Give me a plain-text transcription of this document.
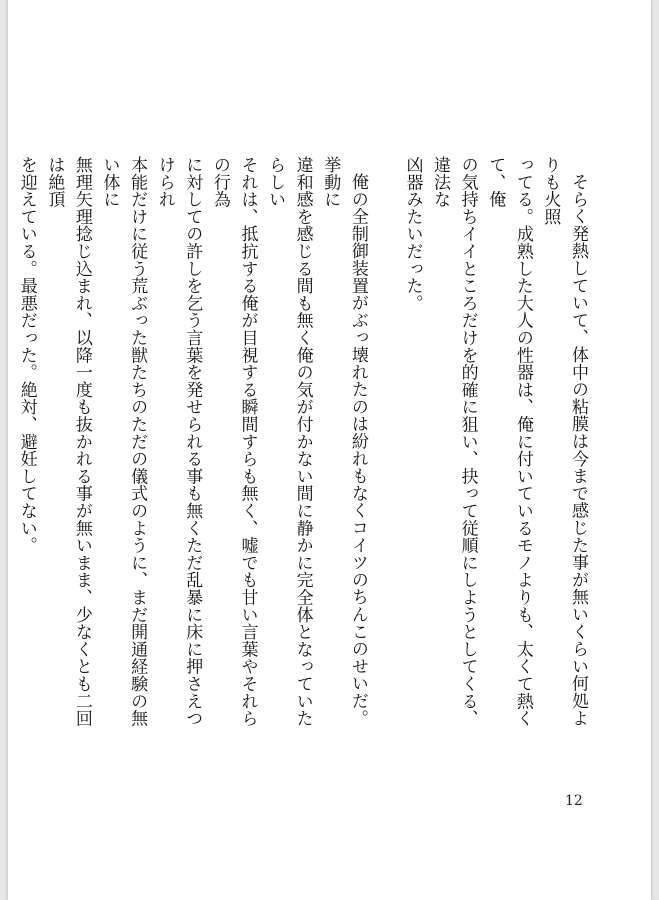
そらく発熱していて、体中の粘膜は今まで感じた事が無いくらい何処よりも火照
ってる。成熟した大人の性器は、俺に付いているモノよりも、太くて熱くて、俺
の気持ちイイところだけを的確に狙い、抉って従順にしようとしてくる、違法な
凶器みたいだった。

俺の全制御装置がぶっ壊れたのは紛れもなくコイツのちんこのせいだ。挙動に
違和感を感じる間も無く俺の気が付かない間に静かに完全体となっていたらしい
それは、抵抗する俺が目視する瞬間すらも無く、嘘でも甘い言葉やそれらの行為
に対しての許しを乞う言葉を発せられる事も無くただ乱暴に床に押さえつけられ
本能だけに従う荒ぶった獣たちのただの儀式のように、まだ開通経験の無い体に
無理矢理捻じ込まれ、以降一度も抜かれる事が無いまま、少なくとも二回は絶頂
を迎えている。最悪だった。絶対、避妊してない。

12
